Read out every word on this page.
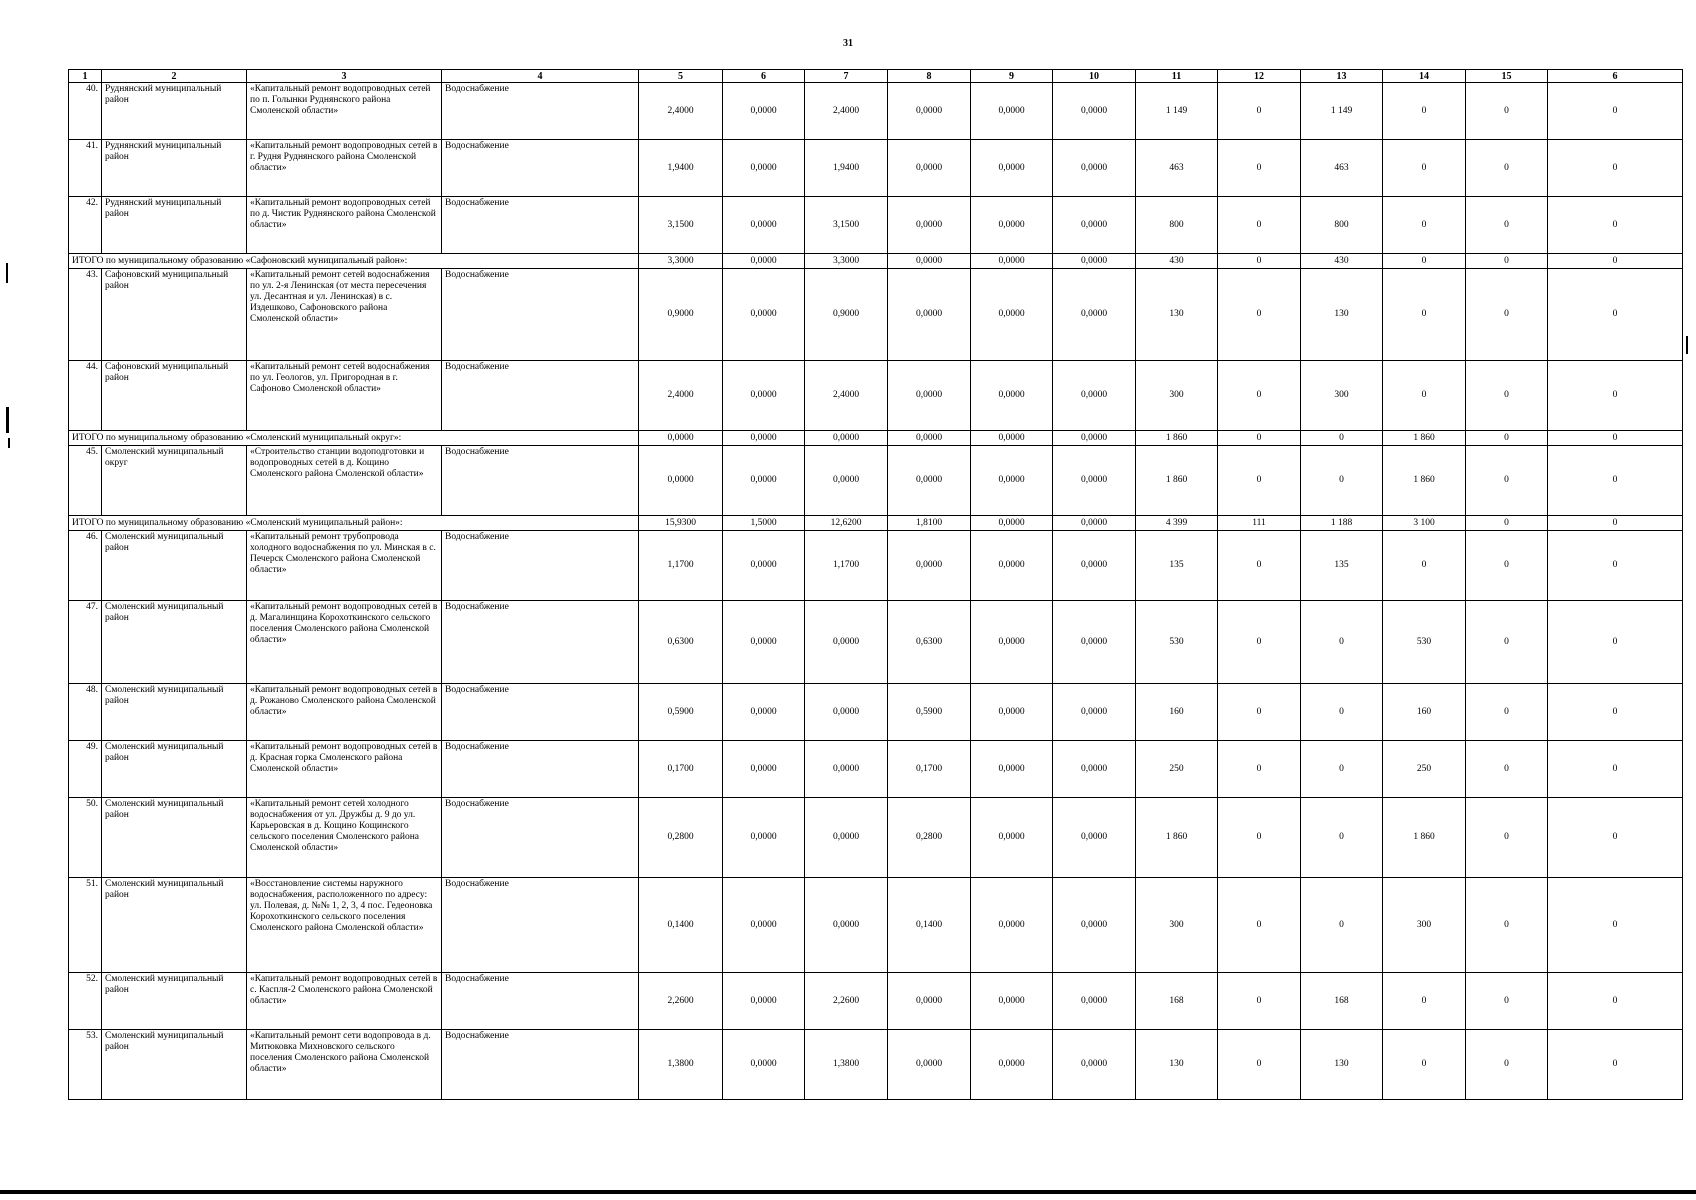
31
1	2	3	4	5	6	7	8	9	10	11	12	13	14	15	6
40.	Руднянский муниципальный район	«Капитальный ремонт водопроводных сетей по п. Голынки Руднянского района Смоленской области»	Водоснабжение	2,4000	0,0000	2,4000	0,0000	0,0000	0,0000	1 149	0	1 149	0	0	0
41.	Руднянский муниципальный район	«Капитальный ремонт водопроводных сетей в г. Рудня Руднянского района Смоленской области»	Водоснабжение	1,9400	0,0000	1,9400	0,0000	0,0000	0,0000	463	0	463	0	0	0
42.	Руднянский муниципальный район	«Капитальный ремонт водопроводных сетей по д. Чистик Руднянского района Смоленской области»	Водоснабжение	3,1500	0,0000	3,1500	0,0000	0,0000	0,0000	800	0	800	0	0	0
ИТОГО по муниципальному образованию «Сафоновский муниципальный район»:				3,3000	0,0000	3,3000	0,0000	0,0000	0,0000	430	0	430	0	0	0
43.	Сафоновский муниципальный район	«Капитальный ремонт сетей водоснабжения по ул. 2-я Ленинская (от места пересечения ул. Десантная и ул. Ленинская) в с. Издешково, Сафоновского района Смоленской области»	Водоснабжение	0,9000	0,0000	0,9000	0,0000	0,0000	0,0000	130	0	130	0	0	0
44.	Сафоновский муниципальный район	«Капитальный ремонт сетей водоснабжения по ул. Геологов, ул. Пригородная в г. Сафоново Смоленской области»	Водоснабжение	2,4000	0,0000	2,4000	0,0000	0,0000	0,0000	300	0	300	0	0	0
ИТОГО по муниципальному образованию «Смоленский муниципальный округ»:				0,0000	0,0000	0,0000	0,0000	0,0000	0,0000	1 860	0	0	1 860	0	0
45.	Смоленский муниципальный округ	«Строительство станции водоподготовки и водопроводных сетей в д. Кощино Смоленского района Смоленской области»	Водоснабжение	0,0000	0,0000	0,0000	0,0000	0,0000	0,0000	1 860	0	0	1 860	0	0
ИТОГО по муниципальному образованию «Смоленский муниципальный район»:				15,9300	1,5000	12,6200	1,8100	0,0000	0,0000	4 399	111	1 188	3 100	0	0
46.	Смоленский муниципальный район	«Капитальный ремонт трубопровода холодного водоснабжения по ул. Минская в с. Печерск Смоленского района Смоленской области»	Водоснабжение	1,1700	0,0000	1,1700	0,0000	0,0000	0,0000	135	0	135	0	0	0
47.	Смоленский муниципальный район	«Капитальный ремонт водопроводных сетей в д. Магалинщина Корохоткинского сельского поселения Смоленского района Смоленской области»	Водоснабжение	0,6300	0,0000	0,0000	0,6300	0,0000	0,0000	530	0	0	530	0	0
48.	Смоленский муниципальный район	«Капитальный ремонт водопроводных сетей в д. Рожаново Смоленского района Смоленской области»	Водоснабжение	0,5900	0,0000	0,0000	0,5900	0,0000	0,0000	160	0	0	160	0	0
49.	Смоленский муниципальный район	«Капитальный ремонт водопроводных сетей в д. Красная горка Смоленского района Смоленской области»	Водоснабжение	0,1700	0,0000	0,0000	0,1700	0,0000	0,0000	250	0	0	250	0	0
50.	Смоленский муниципальный район	«Капитальный ремонт сетей холодного водоснабжения от ул. Дружбы д. 9 до ул. Карьеровская в д. Кощино Кощинского сельского поселения Смоленского района Смоленской области»	Водоснабжение	0,2800	0,0000	0,0000	0,2800	0,0000	0,0000	1 860	0	0	1 860	0	0
51.	Смоленский муниципальный район	«Восстановление системы наружного водоснабжения, расположенного по адресу: ул. Полевая, д. №№ 1, 2, 3, 4 пос. Гедеоновка Корохоткинского сельского поселения Смоленского района Смоленской области»	Водоснабжение	0,1400	0,0000	0,0000	0,1400	0,0000	0,0000	300	0	0	300	0	0
52.	Смоленский муниципальный район	«Капитальный ремонт водопроводных сетей в с. Каспля-2 Смоленского района Смоленской области»	Водоснабжение	2,2600	0,0000	2,2600	0,0000	0,0000	0,0000	168	0	168	0	0	0
53.	Смоленский муниципальный район	«Капитальный ремонт сети водопровода в д. Митюковка Михновского сельского поселения Смоленского района Смоленской области»	Водоснабжение	1,3800	0,0000	1,3800	0,0000	0,0000	0,0000	130	0	130	0	0	0
